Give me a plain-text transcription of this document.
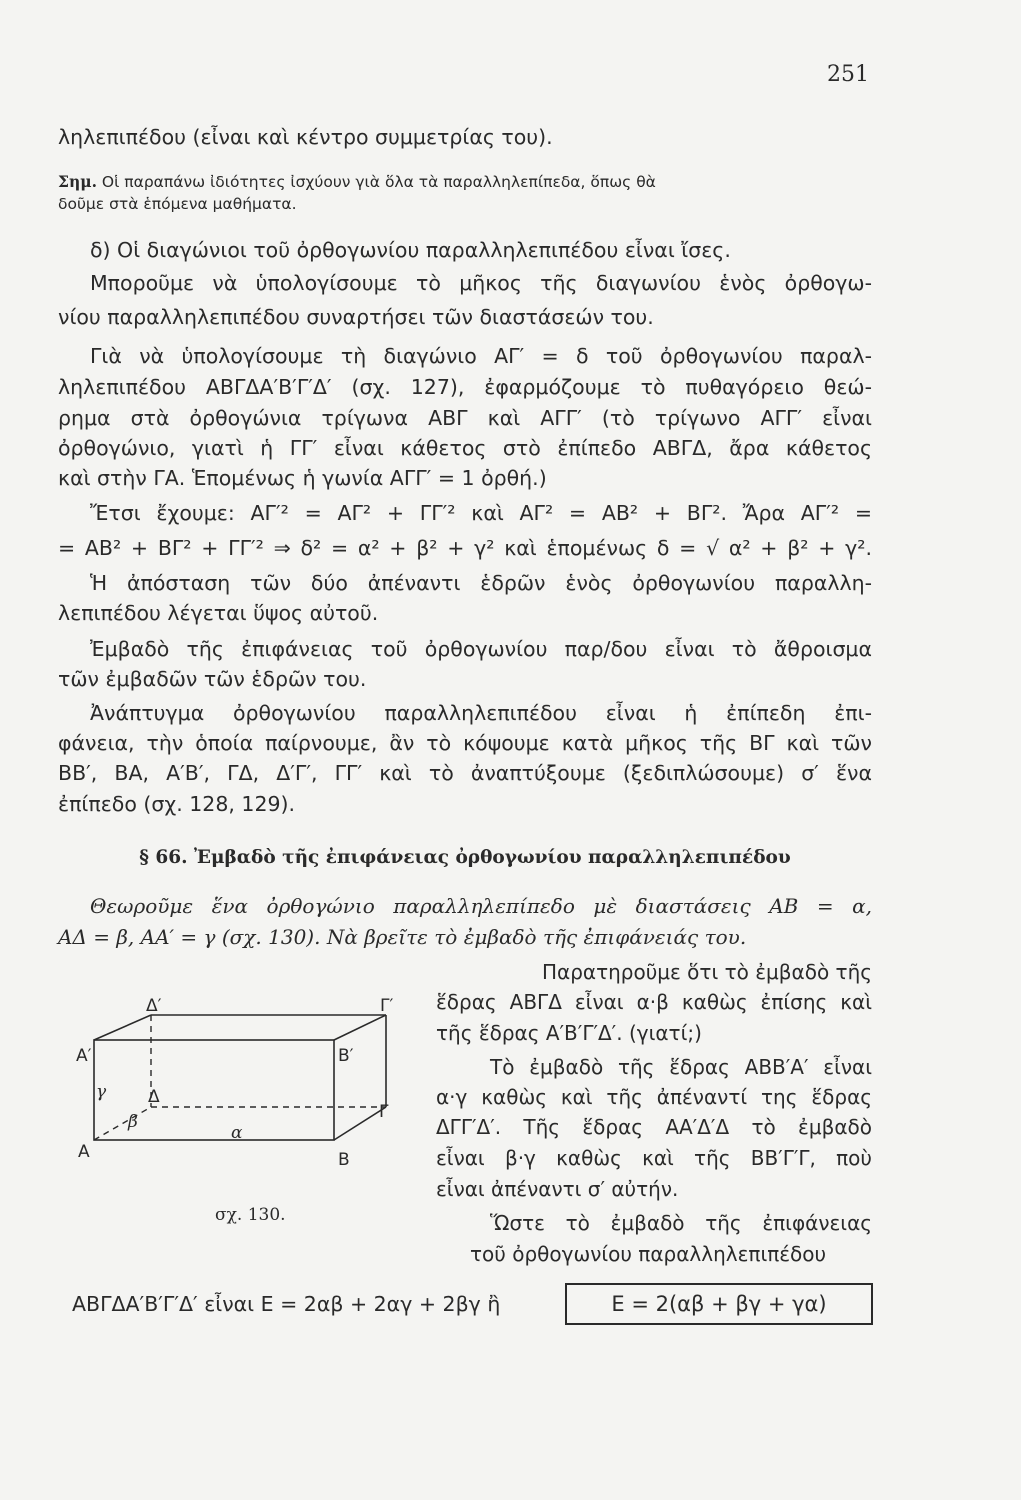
251
ληλεπιπέδου (εἶναι καὶ κέντρο συμμετρίας του).
Σημ. Οἱ παραπάνω ἰδιότητες ἰσχύουν γιὰ ὅλα τὰ παραλληλεπίπεδα, ὅπως θὰ
δοῦμε στὰ ἑπόμενα μαθήματα.
δ) Οἱ διαγώνιοι τοῦ ὀρθογωνίου παραλληλεπιπέδου εἶναι ἴσες.
Μποροῦμε νὰ ὑπολογίσουμε τὸ μῆκος τῆς διαγωνίου ἑνὸς ὀρθογω-
νίου παραλληλεπιπέδου συναρτήσει τῶν διαστάσεών του.
Γιὰ νὰ ὑπολογίσουμε τὴ διαγώνιο ΑΓ′ = δ τοῦ ὀρθογωνίου παραλ-
ληλεπιπέδου ΑΒΓΔΑ′Β′Γ′Δ′ (σχ. 127), ἐφαρμόζουμε τὸ πυθαγόρειο θεώ-
ρημα στὰ ὀρθογώνια τρίγωνα ΑΒΓ καὶ ΑΓΓ′ (τὸ τρίγωνο ΑΓΓ′ εἶναι
ὀρθογώνιο, γιατὶ ἡ ΓΓ′ εἶναι κάθετος στὸ ἐπίπεδο ΑΒΓΔ, ἄρα κάθετος
καὶ στὴν ΓΑ. Ἑπομένως ἡ γωνία ΑΓΓ′ = 1 ὀρθή.)
Ἔτσι ἔχουμε: ΑΓ′² = ΑΓ² + ΓΓ′² καὶ ΑΓ² = ΑΒ² + ΒΓ². Ἄρα ΑΓ′² =
= ΑΒ² + ΒΓ² + ΓΓ′² ⇒ δ² = α² + β² + γ² καὶ ἑπομένως δ = √ α² + β² + γ².
Ἡ ἀπόσταση τῶν δύο ἀπέναντι ἑδρῶν ἑνὸς ὀρθογωνίου παραλλη-
λεπιπέδου λέγεται ὕψος αὐτοῦ.
Ἐμβαδὸ τῆς ἐπιφάνειας τοῦ ὀρθογωνίου παρ/δου εἶναι τὸ ἄθροισμα
τῶν ἐμβαδῶν τῶν ἑδρῶν του.
Ἀνάπτυγμα ὀρθογωνίου παραλληλεπιπέδου εἶναι ἡ ἐπίπεδη ἐπι-
φάνεια, τὴν ὁποία παίρνουμε, ἂν τὸ κόψουμε κατὰ μῆκος τῆς ΒΓ καὶ τῶν
ΒΒ′, ΒΑ, Α′Β′, ΓΔ, Δ′Γ′, ΓΓ′ καὶ τὸ ἀναπτύξουμε (ξεδιπλώσουμε) σ′ ἕνα
ἐπίπεδο (σχ. 128, 129).
§ 66. Ἐμβαδὸ τῆς ἐπιφάνειας ὀρθογωνίου παραλληλεπιπέδου
Θεωροῦμε ἕνα ὀρθογώνιο παραλληλεπίπεδο μὲ διαστάσεις ΑΒ = α,
ΑΔ = β, ΑΑ′ = γ (σχ. 130). Νὰ βρεῖτε τὸ ἐμβαδὸ τῆς ἐπιφάνειάς του.
Α	Β
Α′	Β′
Δ′	Γ′
Δ
Γ
α
β
γ
σχ. 130.
Παρατηροῦμε ὅτι τὸ ἐμβαδὸ τῆς
ἕδρας ΑΒΓΔ εἶναι α·β καθὼς ἐπίσης καὶ
τῆς ἕδρας Α′Β′Γ′Δ′. (γιατί;)
Τὸ ἐμβαδὸ τῆς ἕδρας ΑΒΒ′Α′ εἶναι
α·γ καθὼς καὶ τῆς ἀπέναντί της ἕδρας
ΔΓΓ′Δ′. Τῆς ἕδρας ΑΑ′Δ′Δ τὸ ἐμβαδὸ
εἶναι β·γ καθὼς καὶ τῆς ΒΒ′Γ′Γ, ποὺ
εἶναι ἀπέναντι σ′ αὐτήν.
Ὥστε τὸ ἐμβαδὸ τῆς ἐπιφάνειας
τοῦ ὀρθογωνίου παραλληλεπιπέδου
ΑΒΓΔΑ′Β′Γ′Δ′ εἶναι Ε = 2αβ + 2αγ + 2βγ ἢ	Ε = 2(αβ + βγ + γα)
